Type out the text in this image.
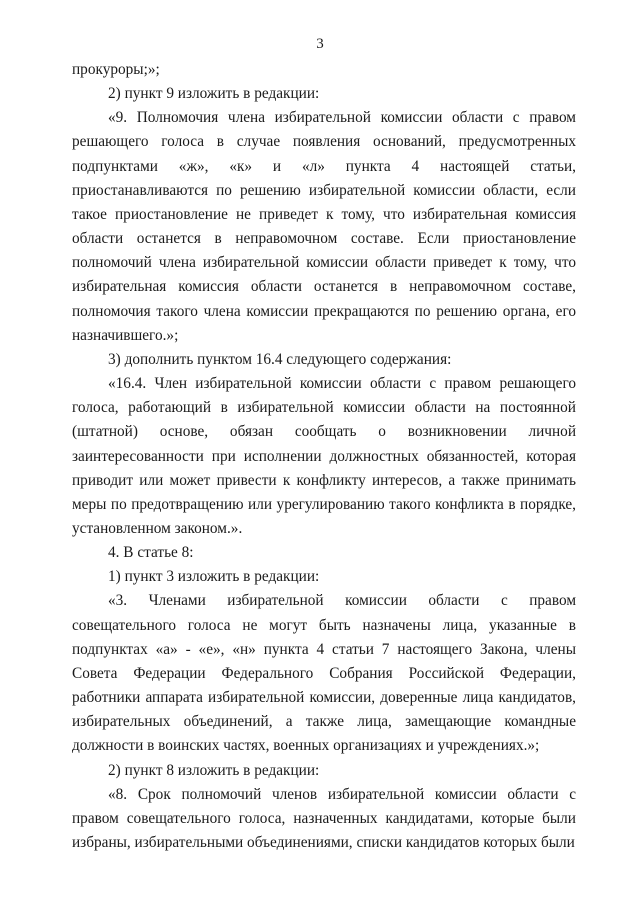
3

прокуроры;»;

2) пункт 9 изложить в редакции:

«9. Полномочия члена избирательной комиссии области с правом решающего голоса в случае появления оснований, предусмотренных подпунктами «ж», «к» и «л» пункта 4 настоящей статьи, приостанавливаются по решению избирательной комиссии области, если такое приостановление не приведет к тому, что избирательная комиссия области останется в неправомочном составе. Если приостановление полномочий члена избирательной комиссии области приведет к тому, что избирательная комиссия области останется в неправомочном составе, полномочия такого члена комиссии прекращаются по решению органа, его назначившего.»;

3) дополнить пунктом 16.4 следующего содержания:

«16.4. Член избирательной комиссии области с правом решающего голоса, работающий в избирательной комиссии области на постоянной (штатной) основе, обязан сообщать о возникновении личной заинтересованности при исполнении должностных обязанностей, которая приводит или может привести к конфликту интересов, а также принимать меры по предотвращению или урегулированию такого конфликта в порядке, установленном законом.».

4. В статье 8:

1) пункт 3 изложить в редакции:

«3. Членами избирательной комиссии области с правом совещательного голоса не могут быть назначены лица, указанные в подпунктах «а» - «е», «н» пункта 4 статьи 7 настоящего Закона, члены Совета Федерации Федерального Собрания Российской Федерации, работники аппарата избирательной комиссии, доверенные лица кандидатов, избирательных объединений, а также лица, замещающие командные должности в воинских частях, военных организациях и учреждениях.»;

2) пункт 8 изложить в редакции:

«8. Срок полномочий членов избирательной комиссии области с правом совещательного голоса, назначенных кандидатами, которые были избраны, избирательными объединениями, списки кандидатов которых были
